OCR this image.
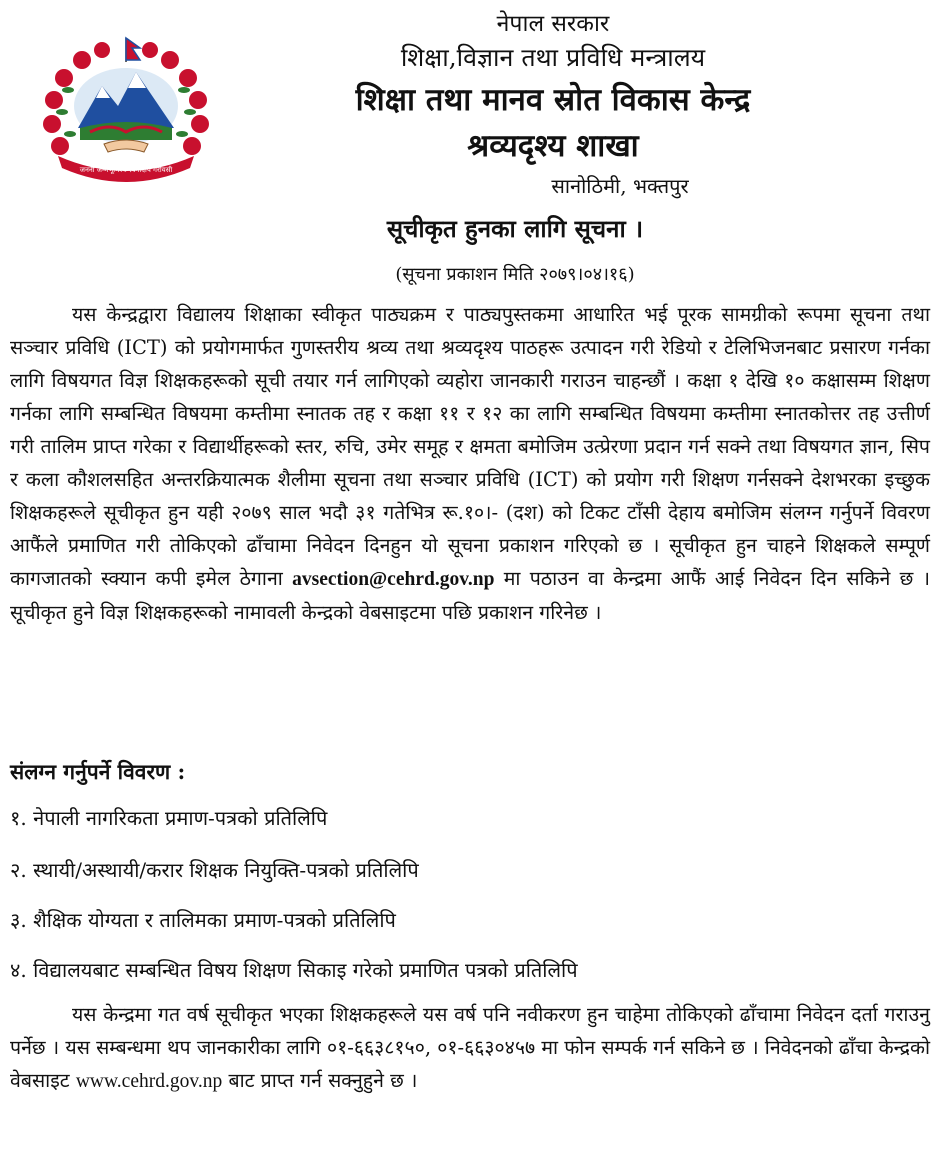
जननी जन्मभूमिश्च स्वर्गादपि गरीयसी
नेपाल सरकार
शिक्षा,विज्ञान तथा प्रविधि मन्त्रालय
शिक्षा तथा मानव स्रोत विकास केन्द्र
श्रव्यदृश्य शाखा
सानोठिमी, भक्तपुर
सूचीकृत हुनका लागि सूचना ।
(सूचना प्रकाशन मिति २०७९।०४।१६)

यस केन्द्रद्वारा विद्यालय शिक्षाका स्वीकृत पाठ्यक्रम र पाठ्यपुस्तकमा आधारित भई पूरक सामग्रीको रूपमा सूचना तथा सञ्चार प्रविधि (ICT) को प्रयोगमार्फत गुणस्तरीय श्रव्य तथा श्रव्यदृश्य पाठहरू उत्पादन गरी रेडियो र टेलिभिजनबाट प्रसारण गर्नका लागि विषयगत विज्ञ शिक्षकहरूको सूची तयार गर्न लागिएको व्यहोरा जानकारी गराउन चाहन्छौं । कक्षा १ देखि १० कक्षासम्म शिक्षण गर्नका लागि सम्बन्धित विषयमा कम्तीमा स्नातक तह र कक्षा ११ र १२ का लागि सम्बन्धित विषयमा कम्तीमा स्नातकोत्तर तह उत्तीर्ण गरी तालिम प्राप्त गरेका र विद्यार्थीहरूको स्तर, रुचि, उमेर समूह र क्षमता बमोजिम उत्प्रेरणा प्रदान गर्न सक्ने तथा विषयगत ज्ञान, सिप र कला कौशलसहित अन्तरक्रियात्मक शैलीमा सूचना तथा सञ्चार प्रविधि (ICT) को प्रयोग गरी शिक्षण गर्नसक्ने देशभरका इच्छुक शिक्षकहरूले सूचीकृत हुन यही २०७९ साल भदौ ३१ गतेभित्र रू.१०।- (दश) को टिकट टाँसी देहाय बमोजिम संलग्न गर्नुपर्ने विवरण आफैंले प्रमाणित गरी तोकिएको ढाँचामा निवेदन दिनहुन यो सूचना प्रकाशन गरिएको छ । सूचीकृत हुन चाहने शिक्षकले सम्पूर्ण कागजातको स्क्यान कपी इमेल ठेगाना avsection@cehrd.gov.np मा पठाउन वा केन्द्रमा आफैं आई निवेदन दिन सकिने छ । सूचीकृत हुने विज्ञ शिक्षकहरूको नामावली केन्द्रको वेबसाइटमा पछि प्रकाशन गरिनेछ ।

संलग्न गर्नुपर्ने विवरण :
१. नेपाली नागरिकता प्रमाण-पत्रको प्रतिलिपि
२. स्थायी/अस्थायी/करार शिक्षक नियुक्ति-पत्रको प्रतिलिपि
३. शैक्षिक योग्यता र तालिमका प्रमाण-पत्रको प्रतिलिपि
४. विद्यालयबाट सम्बन्धित विषय शिक्षण सिकाइ गरेको प्रमाणित पत्रको प्रतिलिपि

यस केन्द्रमा गत वर्ष सूचीकृत भएका शिक्षकहरूले यस वर्ष पनि नवीकरण हुन चाहेमा तोकिएको ढाँचामा निवेदन दर्ता गराउनु पर्नेछ । यस सम्बन्धमा थप जानकारीका लागि ०१-६६३८१५०, ०१-६६३०४५७ मा फोन सम्पर्क गर्न सकिने छ । निवेदनको ढाँचा केन्द्रको वेबसाइट www.cehrd.gov.np बाट प्राप्त गर्न सक्नुहुने छ ।
